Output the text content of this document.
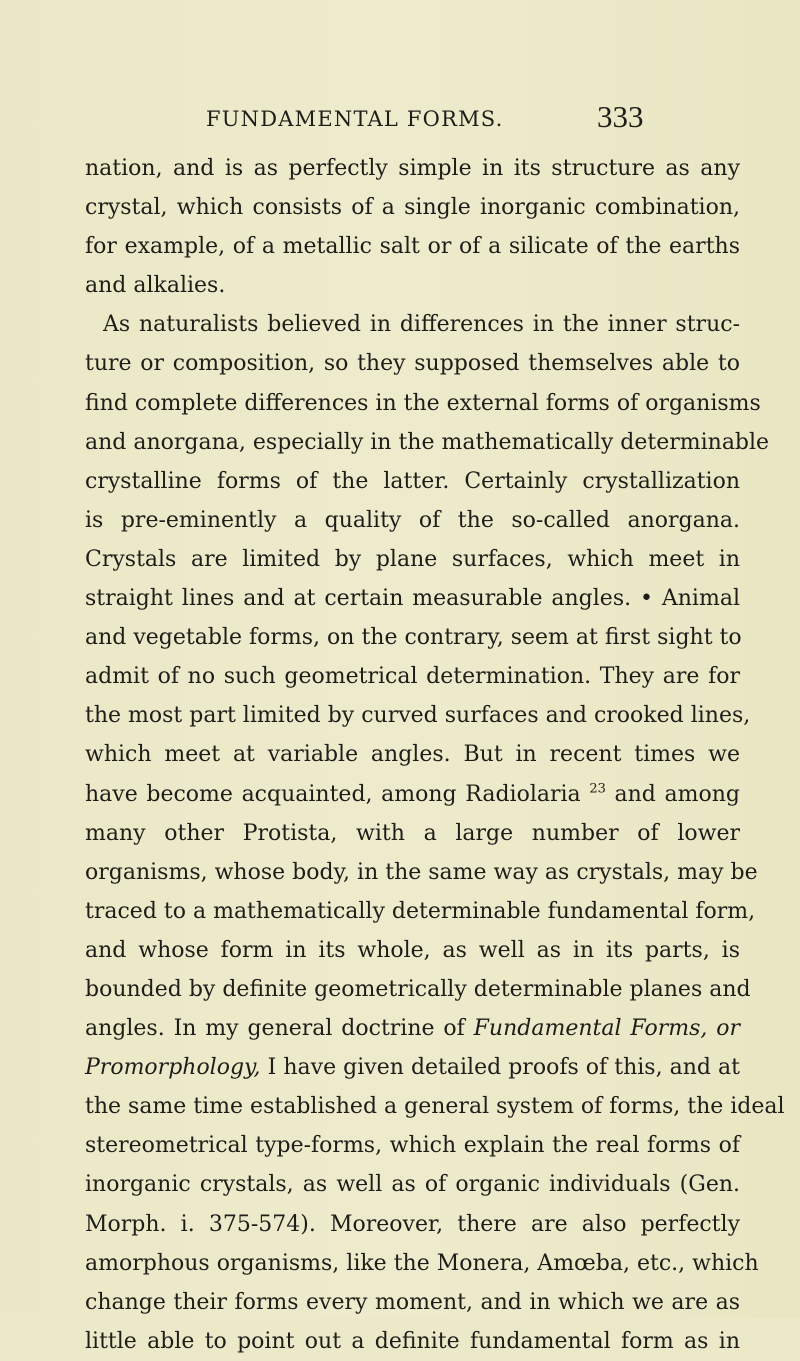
FUNDAMENTAL FORMS.	333
nation, and is as perfectly simple in its structure as any
crystal, which consists of a single inorganic combination,
for example, of a metallic salt or of a silicate of the earths
and alkalies.
As naturalists believed in differences in the inner struc-
ture or composition, so they supposed themselves able to
find complete differences in the external forms of organisms
and anorgana, especially in the mathematically determinable
crystalline forms of the latter. Certainly crystallization
is pre-eminently a quality of the so-called anorgana.
Crystals are limited by plane surfaces, which meet in
straight lines and at certain measurable angles. • Animal
and vegetable forms, on the contrary, seem at first sight to
admit of no such geometrical determination. They are for
the most part limited by curved surfaces and crooked lines,
which meet at variable angles. But in recent times we
have become acquainted, among Radiolaria $^{23}$ and among
many other Protista, with a large number of lower
organisms, whose body, in the same way as crystals, may be
traced to a mathematically determinable fundamental form,
and whose form in its whole, as well as in its parts, is
bounded by definite geometrically determinable planes and
angles. In my general doctrine of Fundamental Forms, or
Promorphology, I have given detailed proofs of this, and at
the same time established a general system of forms, the ideal
stereometrical type-forms, which explain the real forms of
inorganic crystals, as well as of organic individuals (Gen.
Morph. i. 375-574). Moreover, there are also perfectly
amorphous organisms, like the Monera, Amœba, etc., which
change their forms every moment, and in which we are as
little able to point out a definite fundamental form as in
